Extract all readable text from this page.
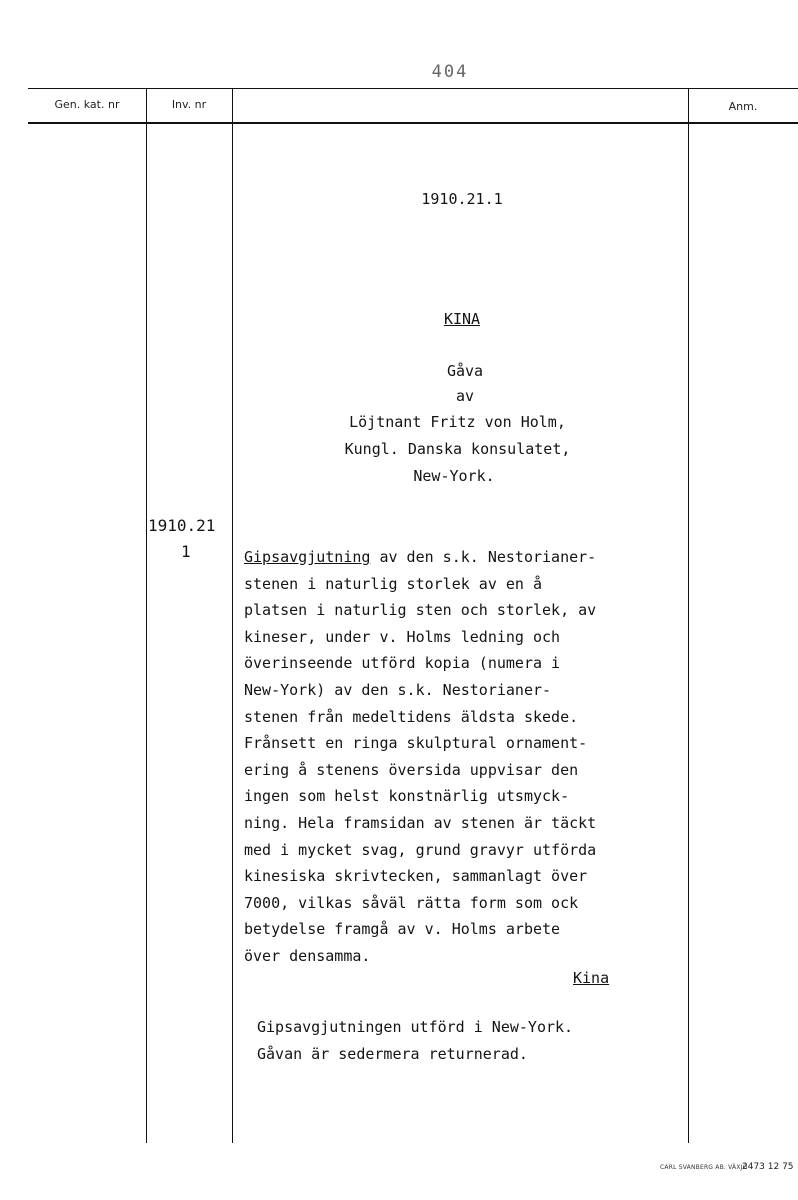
404
Gen. kat. nr	Inv. nr	Anm.
1910.21
1
1910.21.1
KINA
Gåva
av
Löjtnant Fritz von Holm,
Kungl. Danska konsulatet,
New-York.
Gipsavgjutning av den s.k. Nestorianer-
stenen i naturlig storlek av en å
platsen i naturlig sten och storlek, av
kineser, under v. Holms ledning och
överinseende utförd kopia (numera i
New-York) av den s.k. Nestorianer-
stenen från medeltidens äldsta skede.
Frånsett en ringa skulptural ornament-
ering å stenens översida uppvisar den
ingen som helst konstnärlig utsmyck-
ning. Hela framsidan av stenen är täckt
med i mycket svag, grund gravyr utförda
kinesiska skrivtecken, sammanlagt över
7000, vilkas såväl rätta form som ock
betydelse framgå av v. Holms arbete
över densamma.
Kina
Gipsavgjutningen utförd i New-York.
Gåvan är sedermera returnerad.
CARL SVANBERG AB. VÄXJÖ
2473 12 75
